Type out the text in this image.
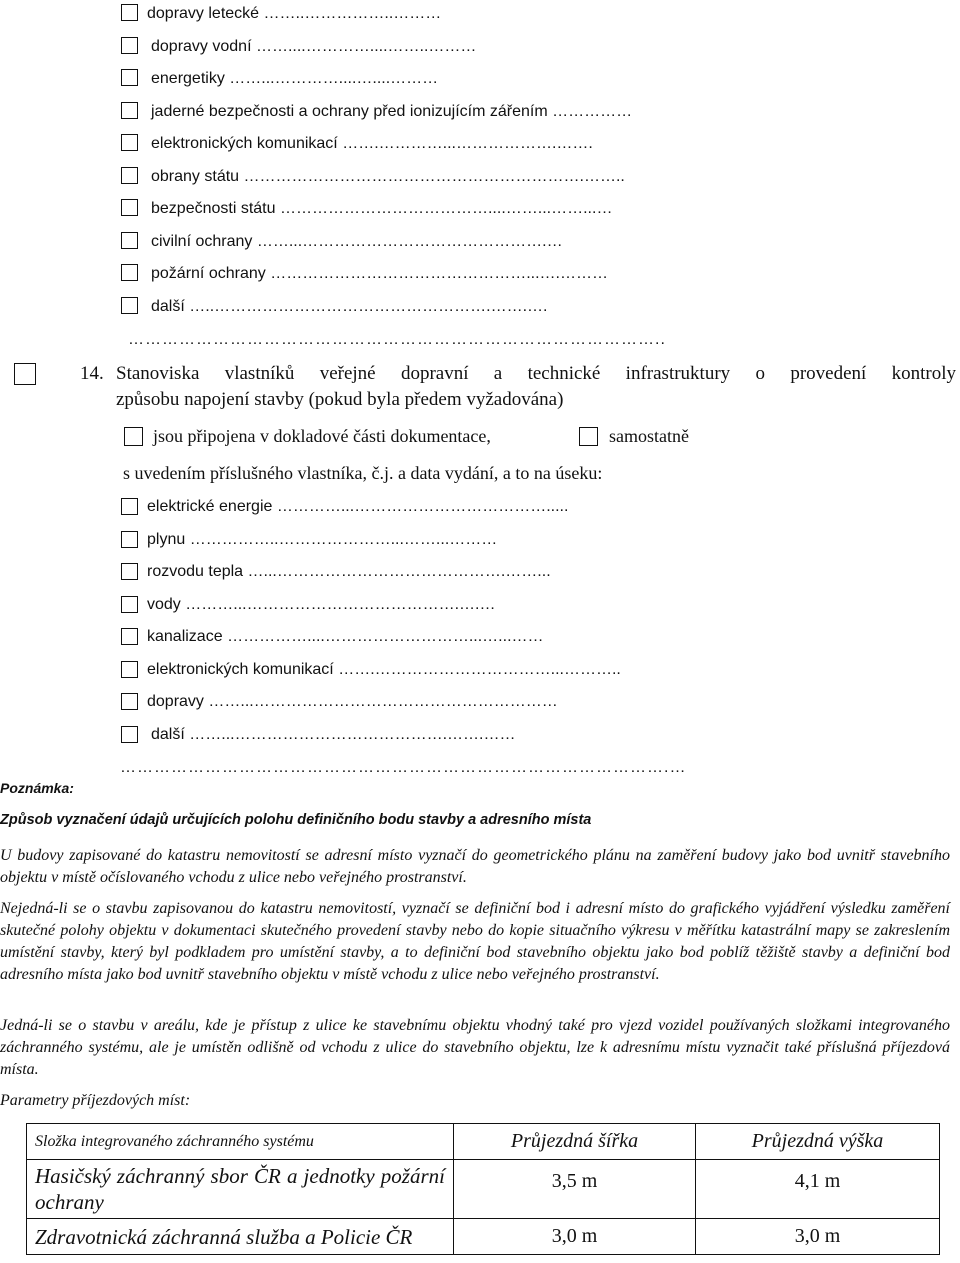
dopravy letecké ……..……………..………
dopravy vodní ……....…………....……..………
energetiky ……...…………....…....………
jaderné bezpečnosti a ochrany před ionizujícím zářením ……………
elektronických komunikací …….…………...……………….…….
obrany státu ……………………………………………………….……..
bezpečnosti státu …………………………………....……...……...…
civilní ochrany ……...……………………………………….…
požární ochrany …………………………………………...….………
další …..…………………………………………….…….….
…………………………………………………………………………………..
14. Stanoviska vlastníků veřejné dopravní a technické infrastruktury o provedení kontroly
způsobu napojení stavby (pokud byla předem vyžadována)
jsou připojena v dokladové části dokumentace,	samostatně
s uvedením příslušného vlastníka, č.j. a data vydání, a to na úseku:
elektrické energie …………...……………………………….....
plynu ……………..…………………...……...………
rozvodu tepla …...…………………………………….……...
vody ………...………………………………….….…
kanalizace ……………....………………………...…...……
elektronických komunikací …….……………………………...………..
dopravy ……...…………………………………………………
další ……...………………………………….…….……
…………………………………………………………………………………….…
Poznámka:
Způsob vyznačení údajů určujících polohu definičního bodu stavby a adresního místa
U budovy zapisované do katastru nemovitostí se adresní místo vyznačí do geometrického plánu na zaměření budovy jako bod uvnitř stavebního objektu v místě očíslovaného vchodu z ulice nebo veřejného prostranství.
Nejedná-li se o stavbu zapisovanou do katastru nemovitostí, vyznačí se definiční bod i adresní místo do grafického vyjádření výsledku zaměření skutečné polohy objektu v dokumentaci skutečného provedení stavby nebo do kopie situačního výkresu v měřítku katastrální mapy se zakreslením umístění stavby, který byl podkladem pro umístění stavby, a to definiční bod stavebního objektu jako bod poblíž těžiště stavby a definiční bod adresního místa jako bod uvnitř stavebního objektu v místě vchodu z ulice nebo veřejného prostranství.
Jedná-li se o stavbu v areálu, kde je přístup z ulice ke stavebnímu objektu vhodný také pro vjezd vozidel používaných složkami integrovaného záchranného systému, ale je umístěn odlišně od vchodu z ulice do stavebního objektu, lze k adresnímu místu vyznačit také příslušná příjezdová místa.
Parametry příjezdových míst:
Složka integrovaného záchranného systému	Průjezdná šířka	Průjezdná výška
Hasičský záchranný sbor ČR a jednotky požární ochrany	3,5 m	4,1 m
Zdravotnická záchranná služba a Policie ČR	3,0 m	3,0 m
